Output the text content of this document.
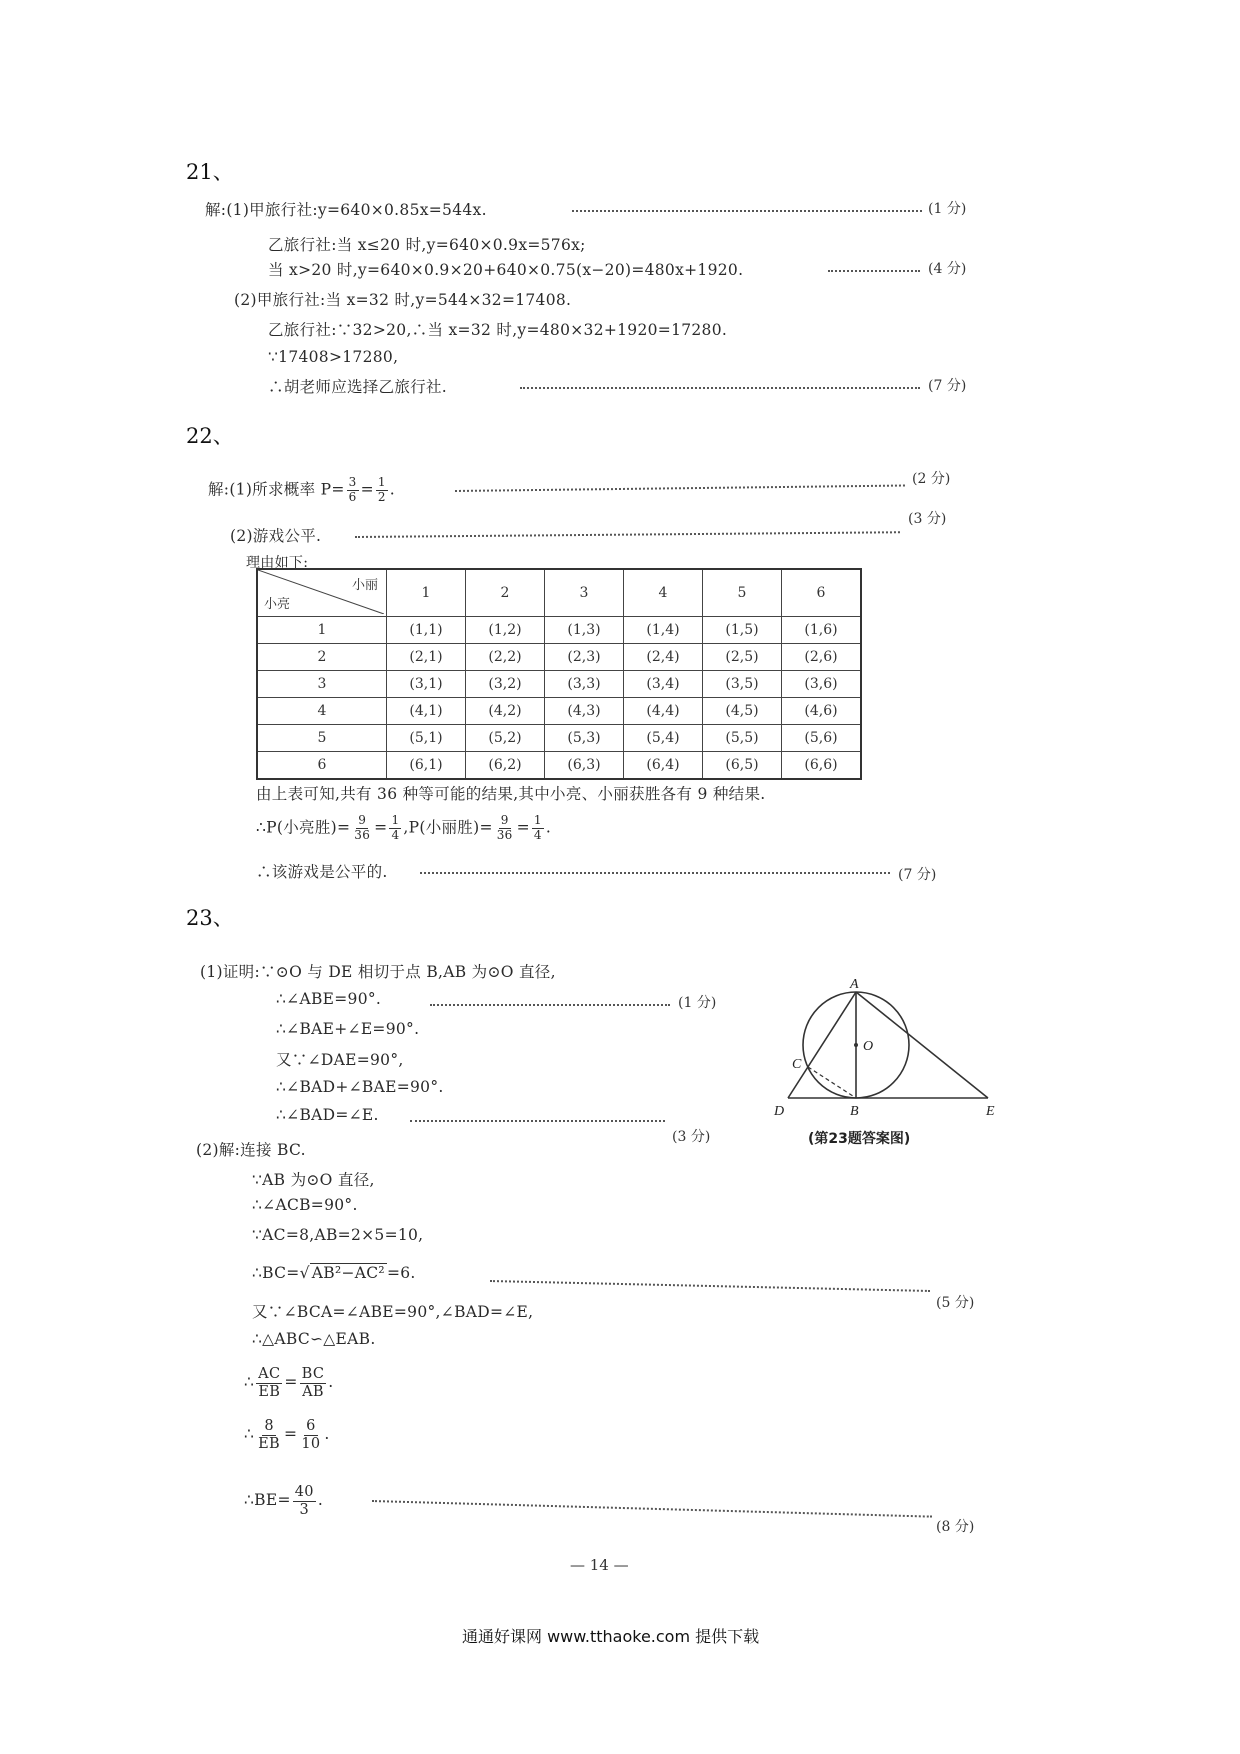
21、
解:(1)甲旅行社:y=640×0.85x=544x.	(1 分)
乙旅行社:当 x≤20 时,y=640×0.9x=576x;
当 x>20 时,y=640×0.9×20+640×0.75(x−20)=480x+1920.	(4 分)
(2)甲旅行社:当 x=32 时,y=544×32=17408.
乙旅行社:∵32>20,∴当 x=32 时,y=480×32+1920=17280.
∵17408>17280,
∴胡老师应选择乙旅行社.	(7 分)
22、
解:(1)所求概率 $P= \frac{3}{6} = \frac{1}{2}$ .
(2 分)
(2)游戏公平.
(3 分)
理由如下:
小丽
小亮	1	2	3	4	5	6
1	(1,1)	(1,2)	(1,3)	(1,4)	(1,5)	(1,6)
2	(2,1)	(2,2)	(2,3)	(2,4)	(2,5)	(2,6)
3	(3,1)	(3,2)	(3,3)	(3,4)	(3,5)	(3,6)
4	(4,1)	(4,2)	(4,3)	(4,4)	(4,5)	(4,6)
5	(5,1)	(5,2)	(5,3)	(5,4)	(5,5)	(5,6)
6	(6,1)	(6,2)	(6,3)	(6,4)	(6,5)	(6,6)
由上表可知,共有 36 种等可能的结果,其中小亮、小丽获胜各有 9 种结果.
∴P(小亮胜)= $\frac{9}{36} = \frac{1}{4} ,P$(小丽胜)= $\frac{9}{36} = \frac{1}{4}$ .
∴该游戏是公平的.	(7 分)
23、
(1)证明:∵⊙O 与 DE 相切于点 B,AB 为⊙O 直径,
∴∠ABE=90°.	(1 分)
∴∠BAE+∠E=90°.
又∵∠DAE=90°,
∴∠BAD+∠BAE=90°.
∴∠BAD=∠E.
(3 分)
A
O
C
D	B	E
(第23题答案图)
(2)解:连接 BC.
∵AB 为⊙O 直径,
∴∠ACB=90°.
∵AC=8,AB=2×5=10,
∴BC=√ AB²−AC² =6.
(5 分)
又∵∠BCA=∠ABE=90°,∠BAD=∠E,
∴△ABC∽△EAB.
∴ $\frac{AC}{EB} = \frac{BC}{AB}$ .
∴ $\frac{8}{EB} = \frac{6}{10}$ .
∴BE= $\frac{40}{3}$ .
(8 分)
— 14 —
通通好课网 www.tthaoke.com 提供下载
